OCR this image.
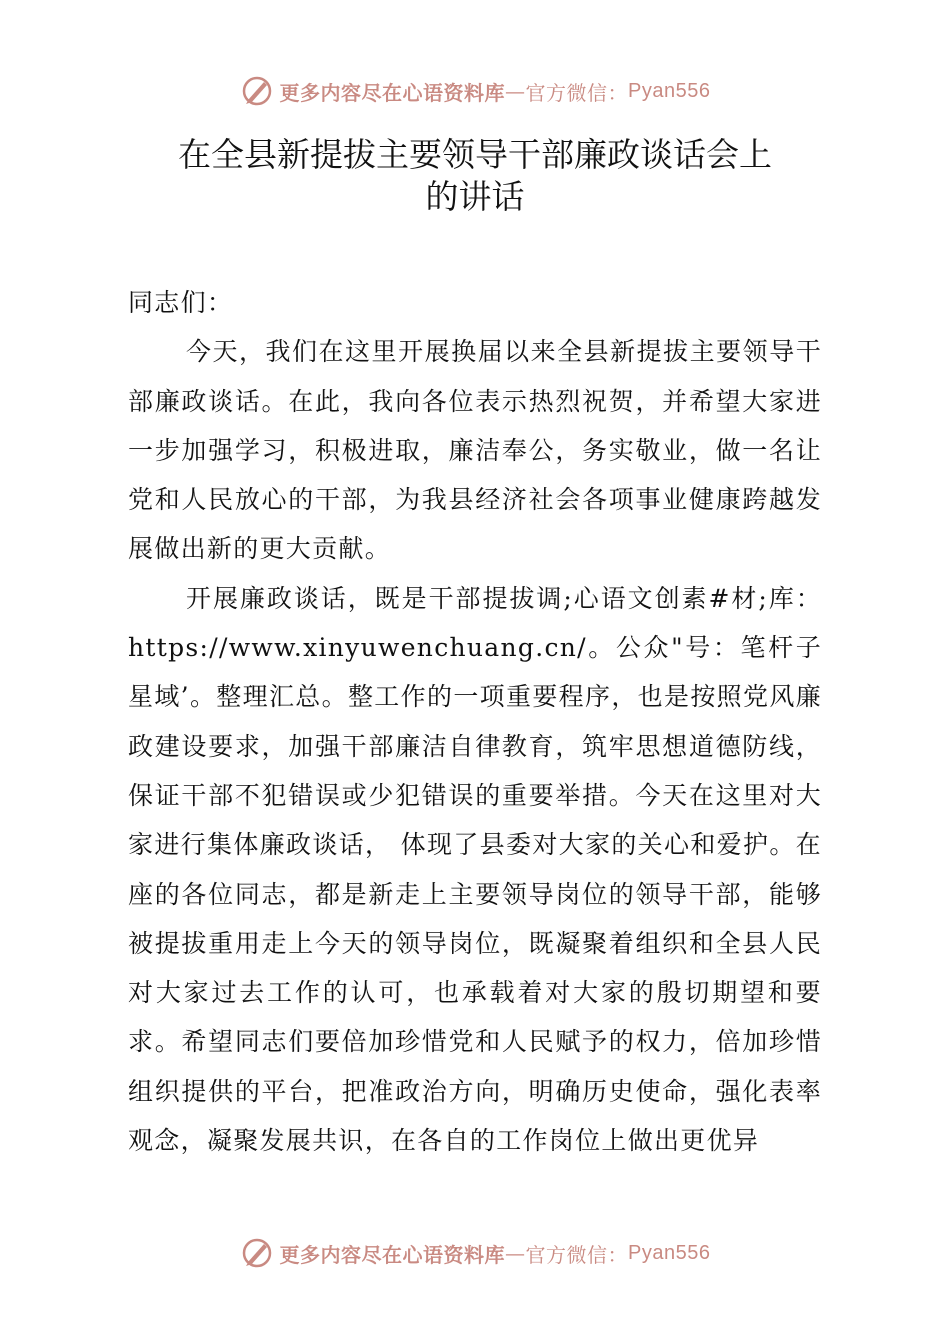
更多内容尽在心语资料库 — 官方微信： Pyan556
在全县新提拔主要领导干部廉政谈话会上
的讲话

同志们：

今天，我们在这里开展换届以来全县新提拔主要领导干部廉政谈话。在此，我向各位表示热烈祝贺，并希望大家进一步加强学习，积极进取，廉洁奉公，务实敬业，做一名让党和人民放心的干部，为我县经济社会各项事业健康跨越发展做出新的更大贡献。

开展廉政谈话，既是干部提拔调;心语文创素#材;库：https://www.xinyuwenchuang.cn/。公众"号：笔杆子星域’。整理汇总。整工作的一项重要程序，也是按照党风廉政建设要求，加强干部廉洁自律教育，筑牢思想道德防线，保证干部不犯错误或少犯错误的重要举措。今天在这里对大家进行集体廉政谈话， 体现了县委对大家的关心和爱护。在座的各位同志，都是新走上主要领导岗位的领导干部，能够被提拔重用走上今天的领导岗位，既凝聚着组织和全县人民对大家过去工作的认可，也承载着对大家的殷切期望和要求。希望同志们要倍加珍惜党和人民赋予的权力，倍加珍惜组织提供的平台，把准政治方向，明确历史使命，强化表率观念，凝聚发展共识，在各自的工作岗位上做出更优异

更多内容尽在心语资料库 — 官方微信： Pyan556
